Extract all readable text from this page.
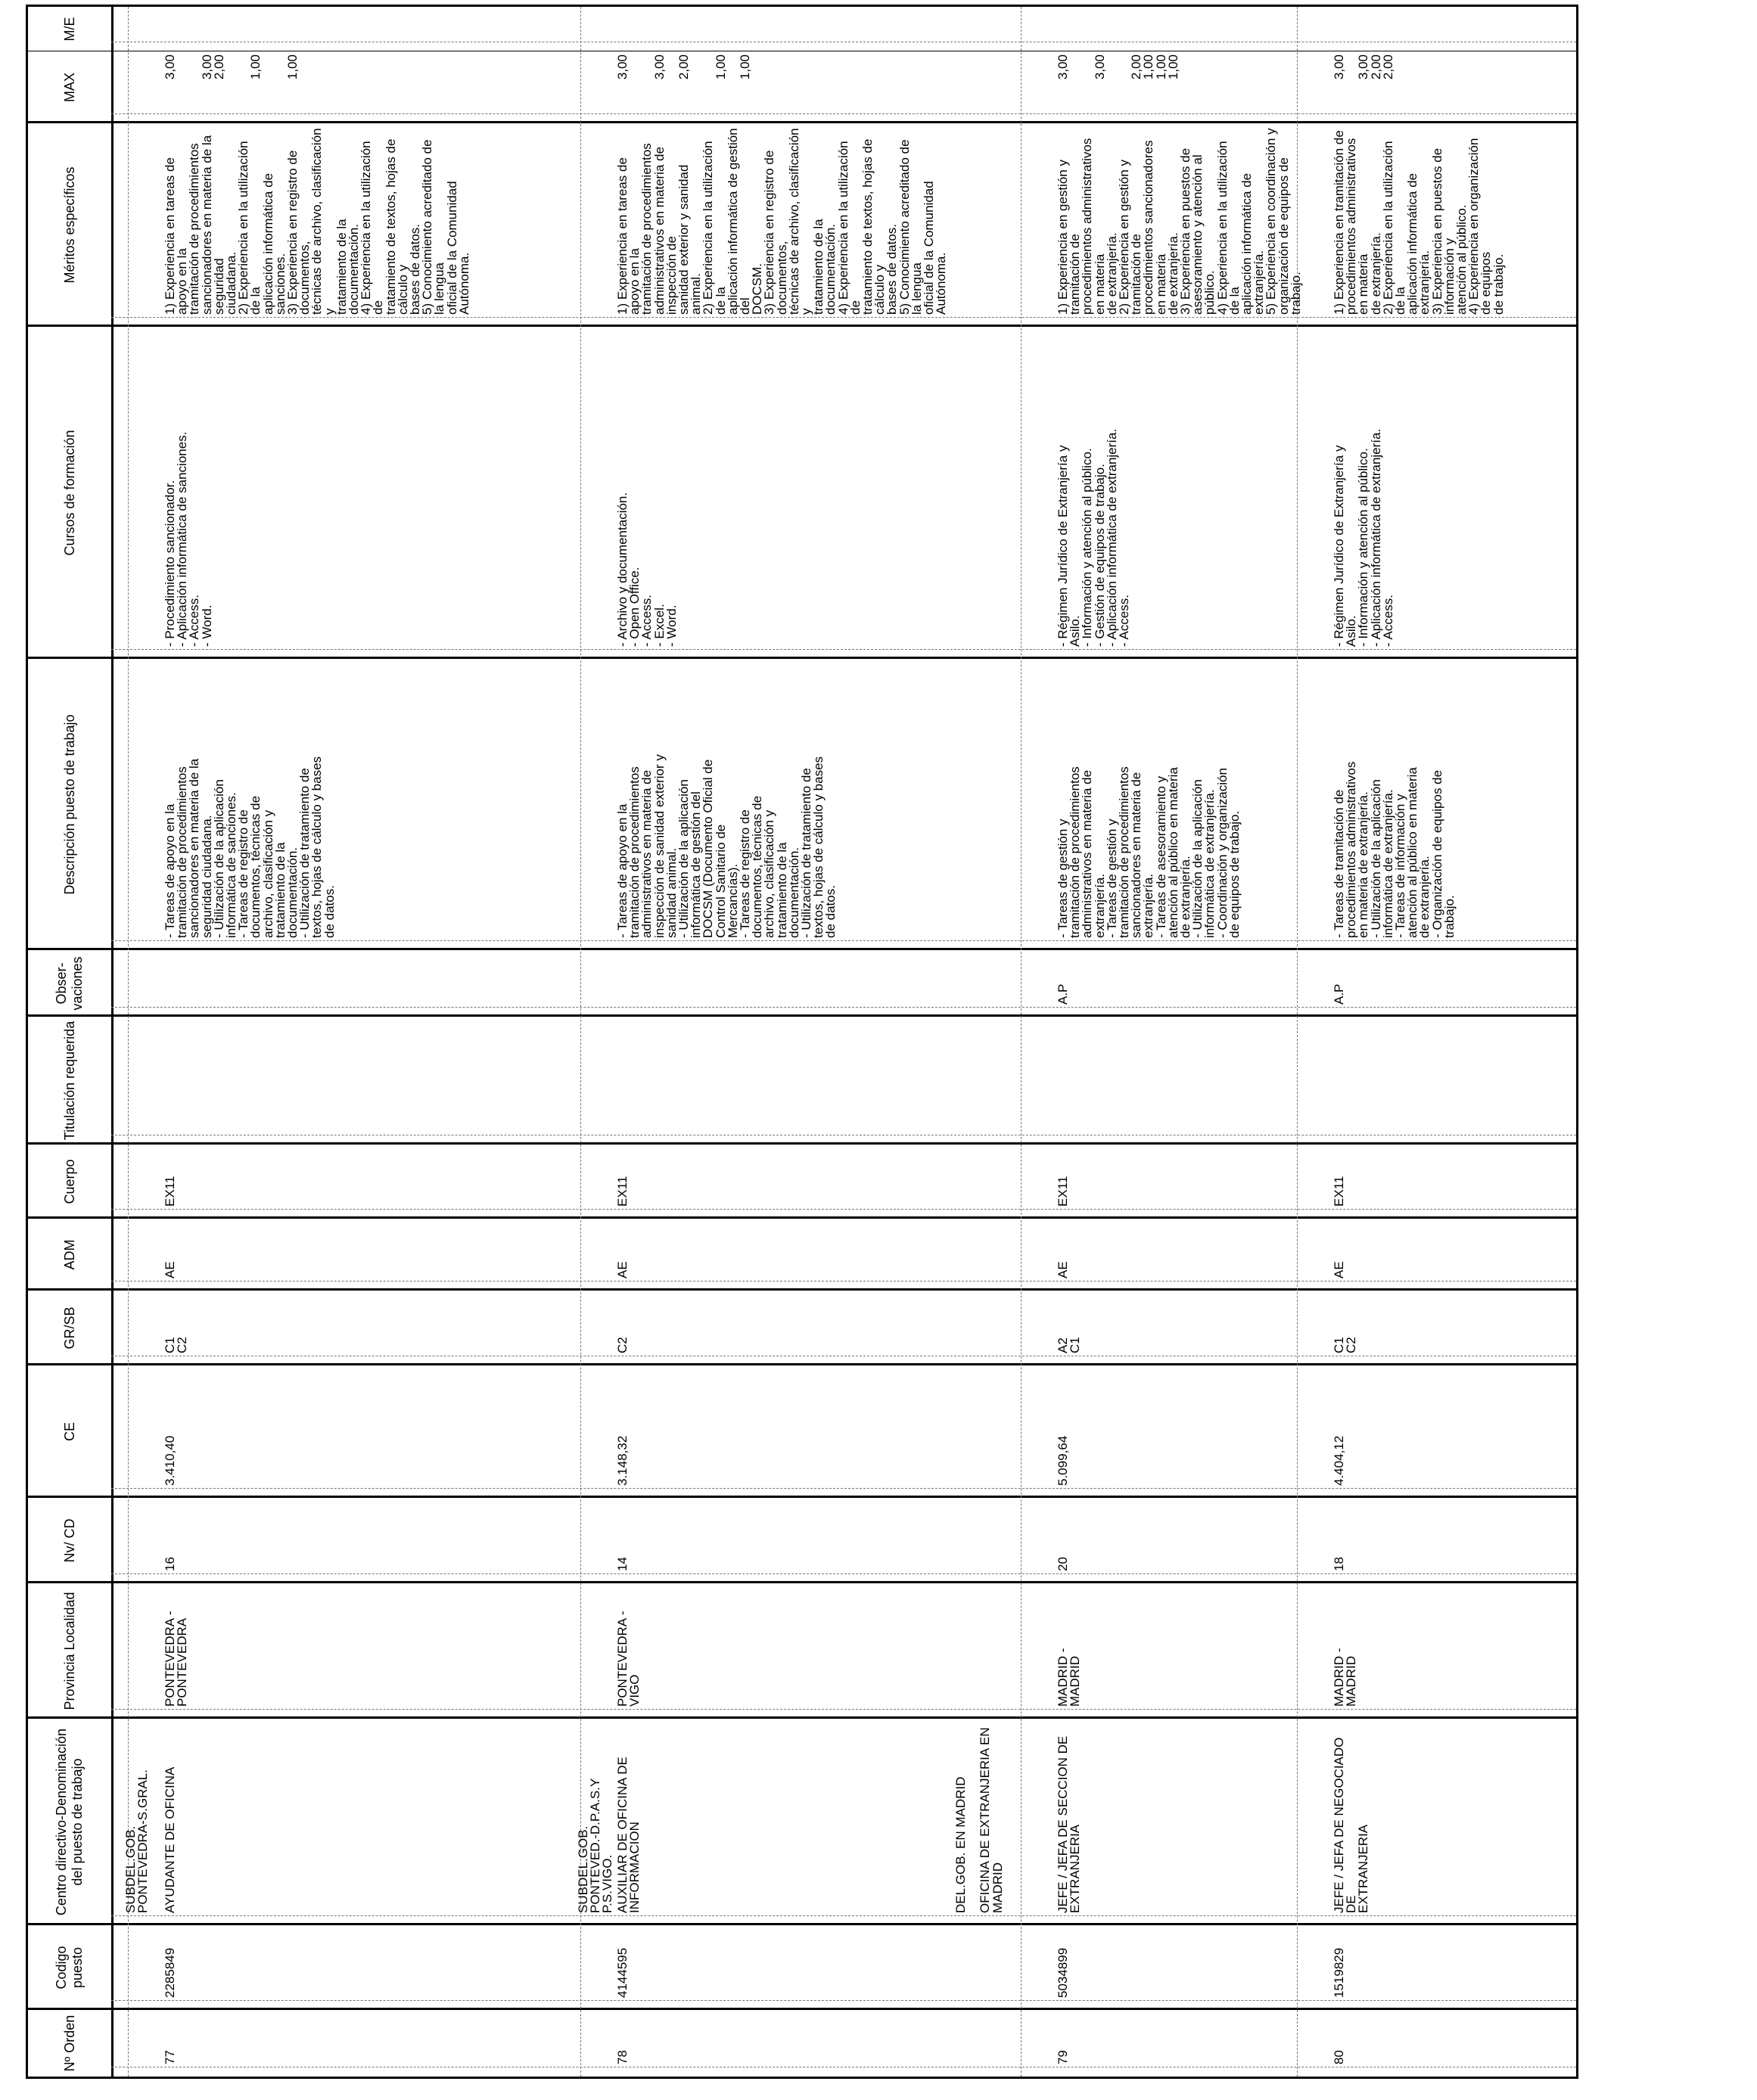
Nº Orden
Codigo puesto
Centro directivo-Denominación del puesto de trabajo
Provincia Localidad
Nv/ CD
CE
GR/SB
ADM
Cuerpo
Titulación requerida
Obser-vaciones
Descripción puesto de trabajo
Cursos de formación
Méritos específicos
MAX
M/E
77
2285849
PONTEVEDRA -
PONTEVEDRA
16
3.410,40
C1
C2
AE
EX11
- Tareas de apoyo en la
tramitación de procedimientos
sancionadores en materia de la
seguridad ciudadana.
- Utilización de la aplicación
informática de sanciones.
- Tareas de registro de
documentos, técnicas de
archivo, clasificación y
tratamiento de la
documentación.
- Utilización de tratamiento de
textos, hojas de cálculo y bases
de datos.
- Procedimiento sancionador.
- Aplicación informática de sanciones.
- Access.
- Word.
1) Experiencia en tareas de apoyo en la
tramitación de procedimientos
sancionadores en materia de la seguridad
ciudadana.
2) Experiencia en la utilización de la
aplicación informática de sanciones.
3) Experiencia en registro de documentos,
técnicas de archivo, clasificación y
tratamiento de la documentación.
4) Experiencia en la utilización de
tratamiento de textos, hojas de cálculo y
bases de datos.
5) Conocimiento acreditado de la lengua
oficial de la Comunidad Autónoma.
3,00

3,00
2,00

1,00

1,00
SUBDEL.GOB.
PONTEVEDRA-S.GRAL. AYUDANTE DE OFICINA
78
4144595
PONTEVEDRA -
VIGO
14
3.148,32
C2
AE
EX11
- Tareas de apoyo en la
tramitación de procedimientos
administrativos en materia de
inspección de sanidad exterior y
sanidad animal.
- Utilización de la aplicación
informática de gestión del
DOCSM (Documento Oficial de
Control Sanitario de
Mercancías).
- Tareas de registro de
documentos, técnicas de
archivo, clasificación y
tratamiento de la
documentación.
- Utilización de tratamiento de
textos, hojas de cálculo y bases
de datos.
- Archivo y documentación.
- Open Office.
- Access.
- Excel.
- Word.
1) Experiencia en tareas de apoyo en la
tramitación de procedimientos
administrativos en materia de inspección de
sanidad exterior y sanidad animal.
2) Experiencia en la utilización de la
aplicación informática de gestión del
DOCSM.
3) Experiencia en registro de documentos,
técnicas de archivo, clasificación y
tratamiento de la documentación.
4) Experiencia en la utilización de
tratamiento de textos, hojas de cálculo y
bases de datos.
5) Conocimiento acreditado de la lengua
oficial de la Comunidad Autónoma.
3,00

3,00

2,00

1,00

1,00
SUBDEL.GOB.
PONTEVED.-D.P.A.S.Y
P.S.VIGO. AUXILIAR DE OFICINA DE
INFORMACION
79
5034899
MADRID -
MADRID
20
5.099,64
A2
C1
AE
EX11
A.P
- Tareas de gestión y
tramitación de procedimientos
administrativos en materia de
extranjería.
- Tareas de gestión y
tramitación de procedimientos
sancionadores en materia de
extranjería.
- Tareas de asesoramiento y
atención al público en materia
de extranjería.
- Utilización de la aplicación
informática de extranjería.
- Coordinación y organización
de equipos de trabajo.
- Régimen Jurídico de Extranjería y
Asilo.
- Información y atención al público.
- Gestión de equipos de trabajo.
- Aplicación informática de extranjería.
- Access.
1) Experiencia en gestión y tramitación de
procedimientos administrativos en materia
de extranjería.
2) Experiencia en gestión y tramitación de
procedimientos sancionadores en materia
de extranjería.
3) Experiencia en puestos de
asesoramiento y atención al público.
4) Experiencia en la utilización de la
aplicación informática de extranjería.
5) Experiencia en coordinación y
organización de equipos de trabajo.
3,00

3,00

2,00
1,00
1,00
1,00
DEL.GOB. EN MADRID

OFICINA DE EXTRANJERIA EN
MADRID	JEFE / JEFA DE SECCION DE
EXTRANJERIA
80
1519829
MADRID -
MADRID
18
4.404,12
C1
C2
AE
EX11
A.P
- Tareas de tramitación de
procedimientos administrativos
en materia de extranjería.
- Utilización de la aplicación
informática de extranjería.
- Tareas de información y
atención al público en materia
de extranjería.
- Organización de equipos de
trabajo.
- Régimen Jurídico de Extranjería y
Asilo.
- Información y atención al público.
- Aplicación informática de extranjería.
- Access.
1) Experiencia en tramitación de
procedimientos administrativos en materia
de extranjería.
2) Experiencia en la utilización de la
aplicación informática de extranjería.
3) Experiencia en puestos de información y
atención al público.
4) Experiencia en organización de equipos
de trabajo.
3,00

3,00
2,00
2,00
JEFE / JEFA DE NEGOCIADO DE
EXTRANJERIA
